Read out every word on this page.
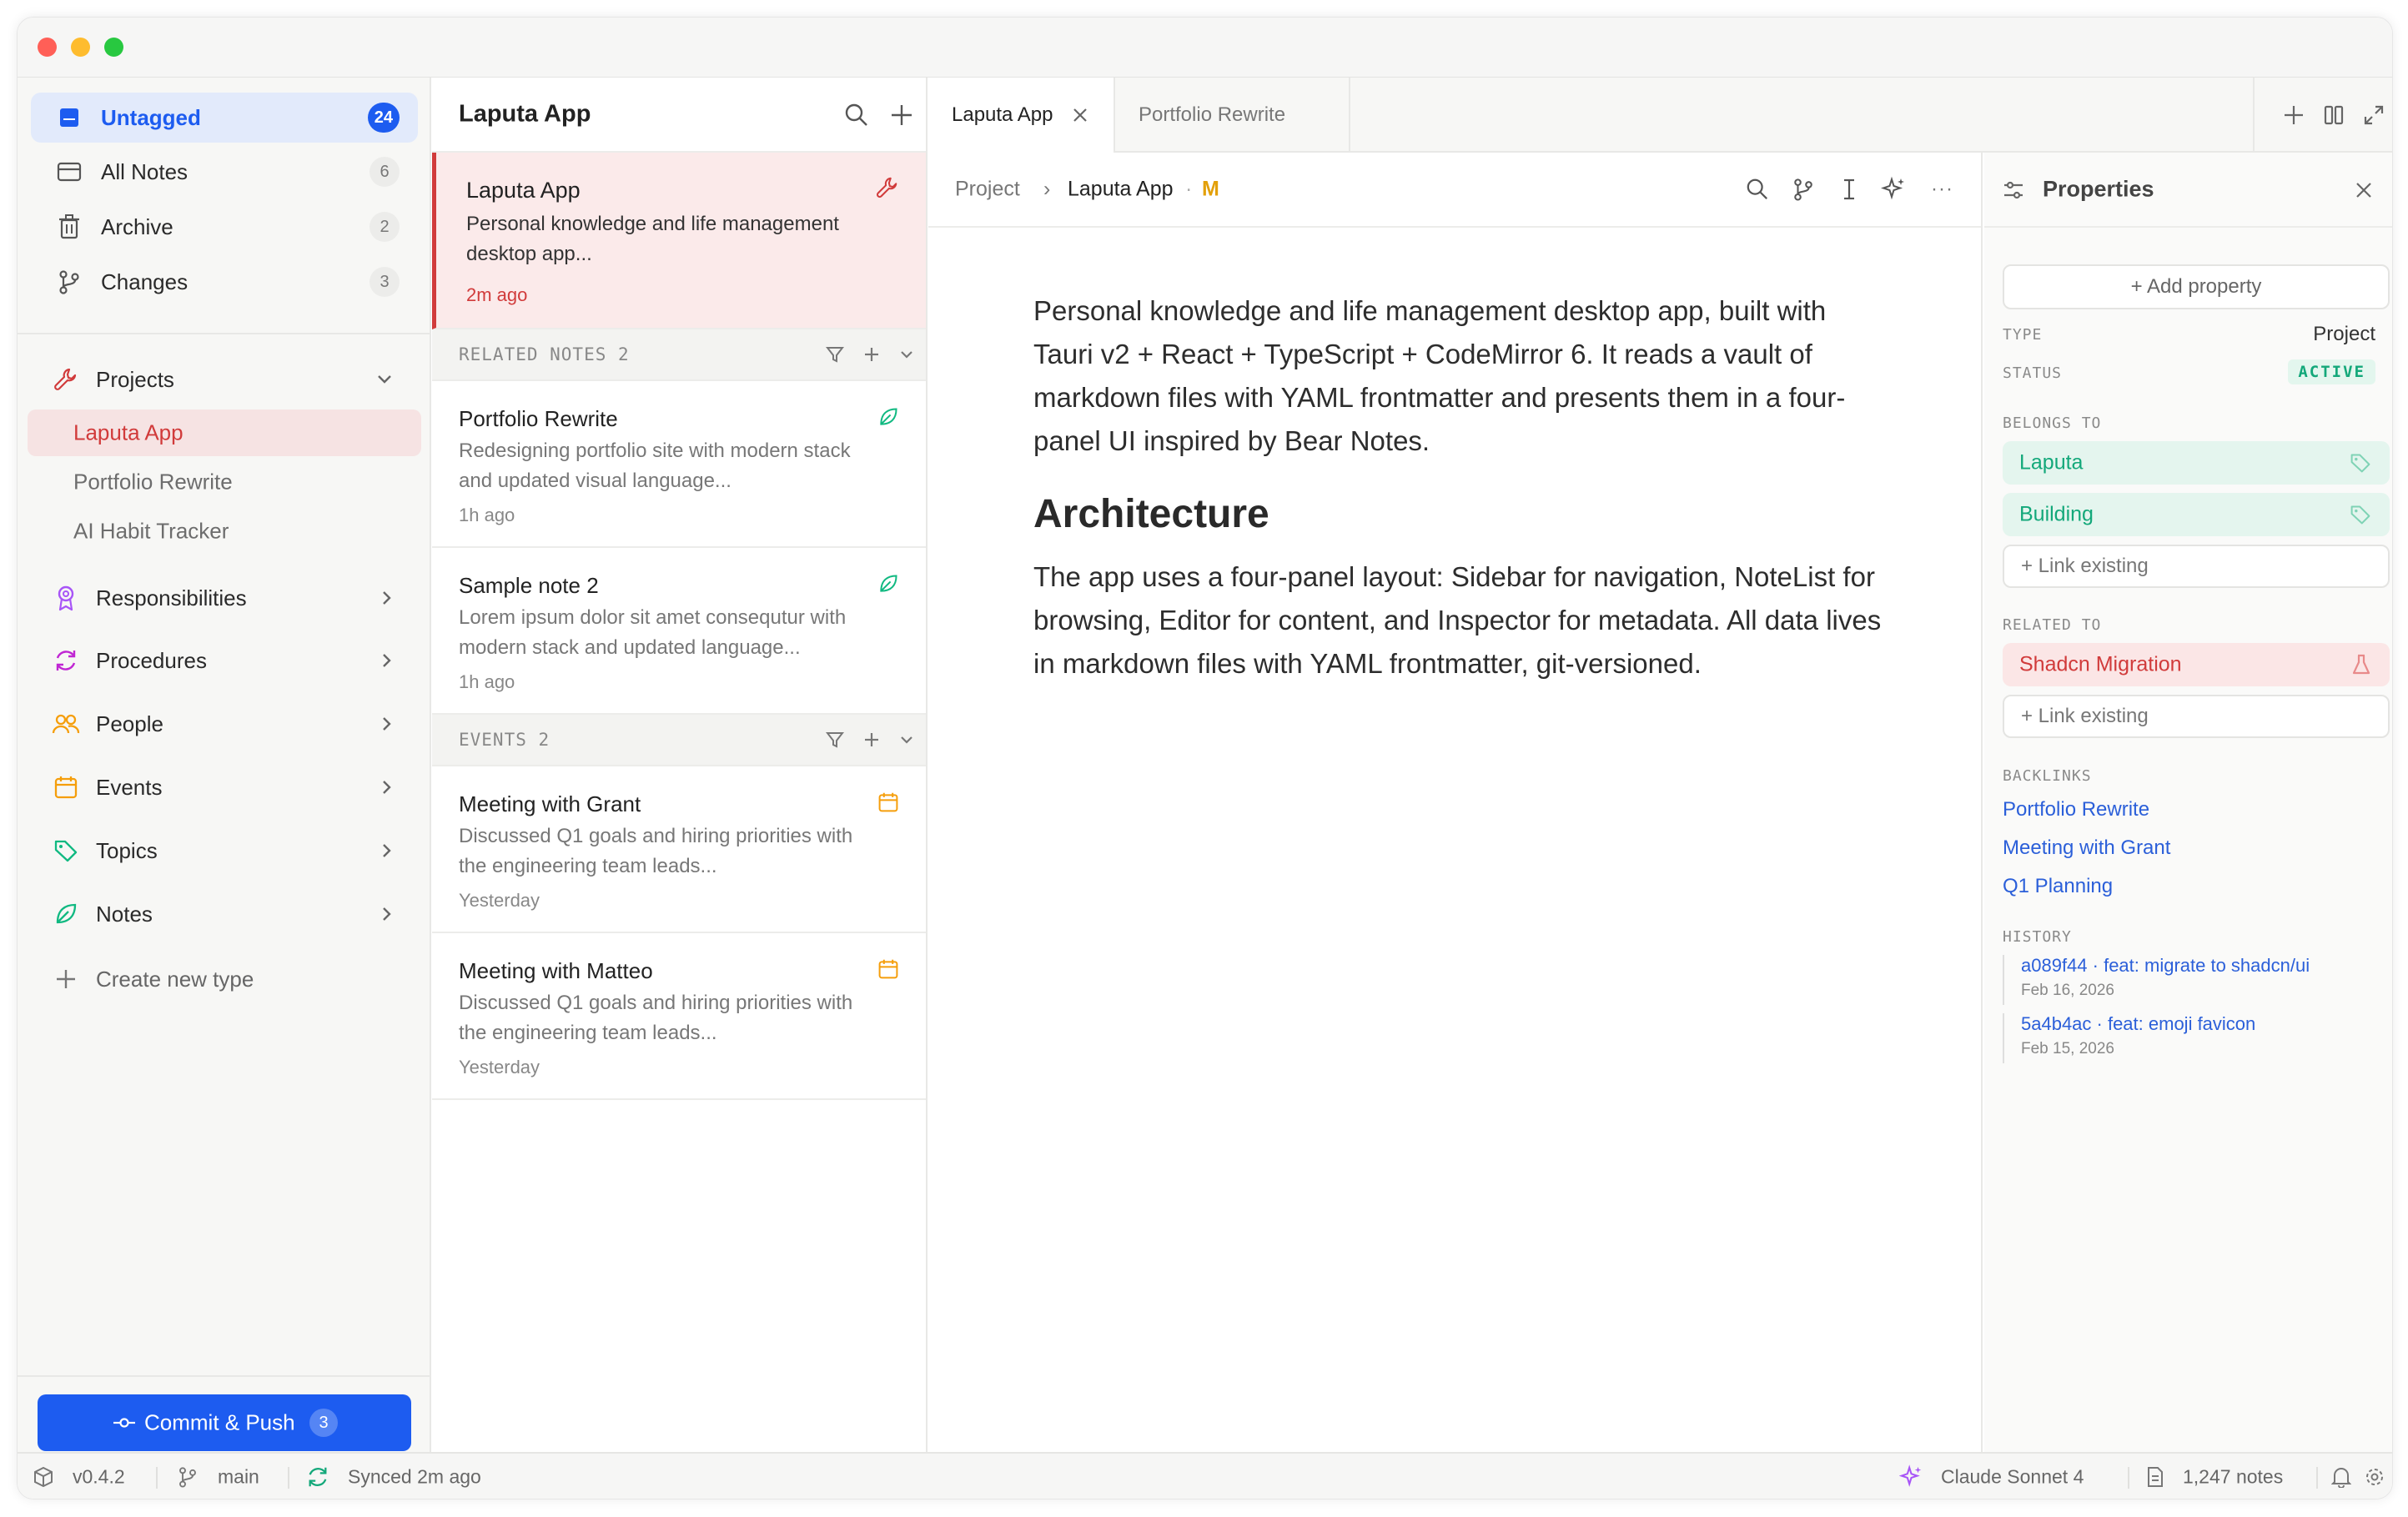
Untagged	24
All Notes	6
Archive	2
Changes	3
Projects
Laputa App
Portfolio Rewrite
AI Habit Tracker
Responsibilities
Procedures
People
Events
Topics
Notes
Create new type
Commit & Push	3
Laputa App
Laputa App
Personal knowledge and life management desktop app...
2m ago
RELATED NOTES 2
Portfolio Rewrite
Redesigning portfolio site with modern stack and updated visual language...
1h ago
Sample note 2
Lorem ipsum dolor sit amet consequtur with modern stack and updated language...
1h ago
EVENTS 2
Meeting with Grant
Discussed Q1 goals and hiring priorities with the engineering team leads...
Yesterday
Meeting with Matteo
Discussed Q1 goals and hiring priorities with the engineering team leads...
Yesterday
Laputa App	Portfolio Rewrite
Project › Laputa App · M	···

Personal knowledge and life management desktop app, built with Tauri v2 + React + TypeScript + CodeMirror 6. It reads a vault of markdown files with YAML frontmatter and presents them in a four-panel UI inspired by Bear Notes.

Architecture

The app uses a four-panel layout: Sidebar for navigation, NoteList for browsing, Editor for content, and Inspector for metadata. All data lives in markdown files with YAML frontmatter, git-versioned.

Properties
+ Add property
TYPE	Project
STATUS	ACTIVE
BELONGS TO
Laputa
Building
+ Link existing
RELATED TO
Shadcn Migration
+ Link existing
BACKLINKS
Portfolio Rewrite
Meeting with Grant
Q1 Planning
HISTORY
a089f44 · feat: migrate to shadcn/ui
Feb 16, 2026
5a4b4ac · feat: emoji favicon
Feb 15, 2026
v0.4.2	main	Synced 2m ago	Claude Sonnet 4	1,247 notes
